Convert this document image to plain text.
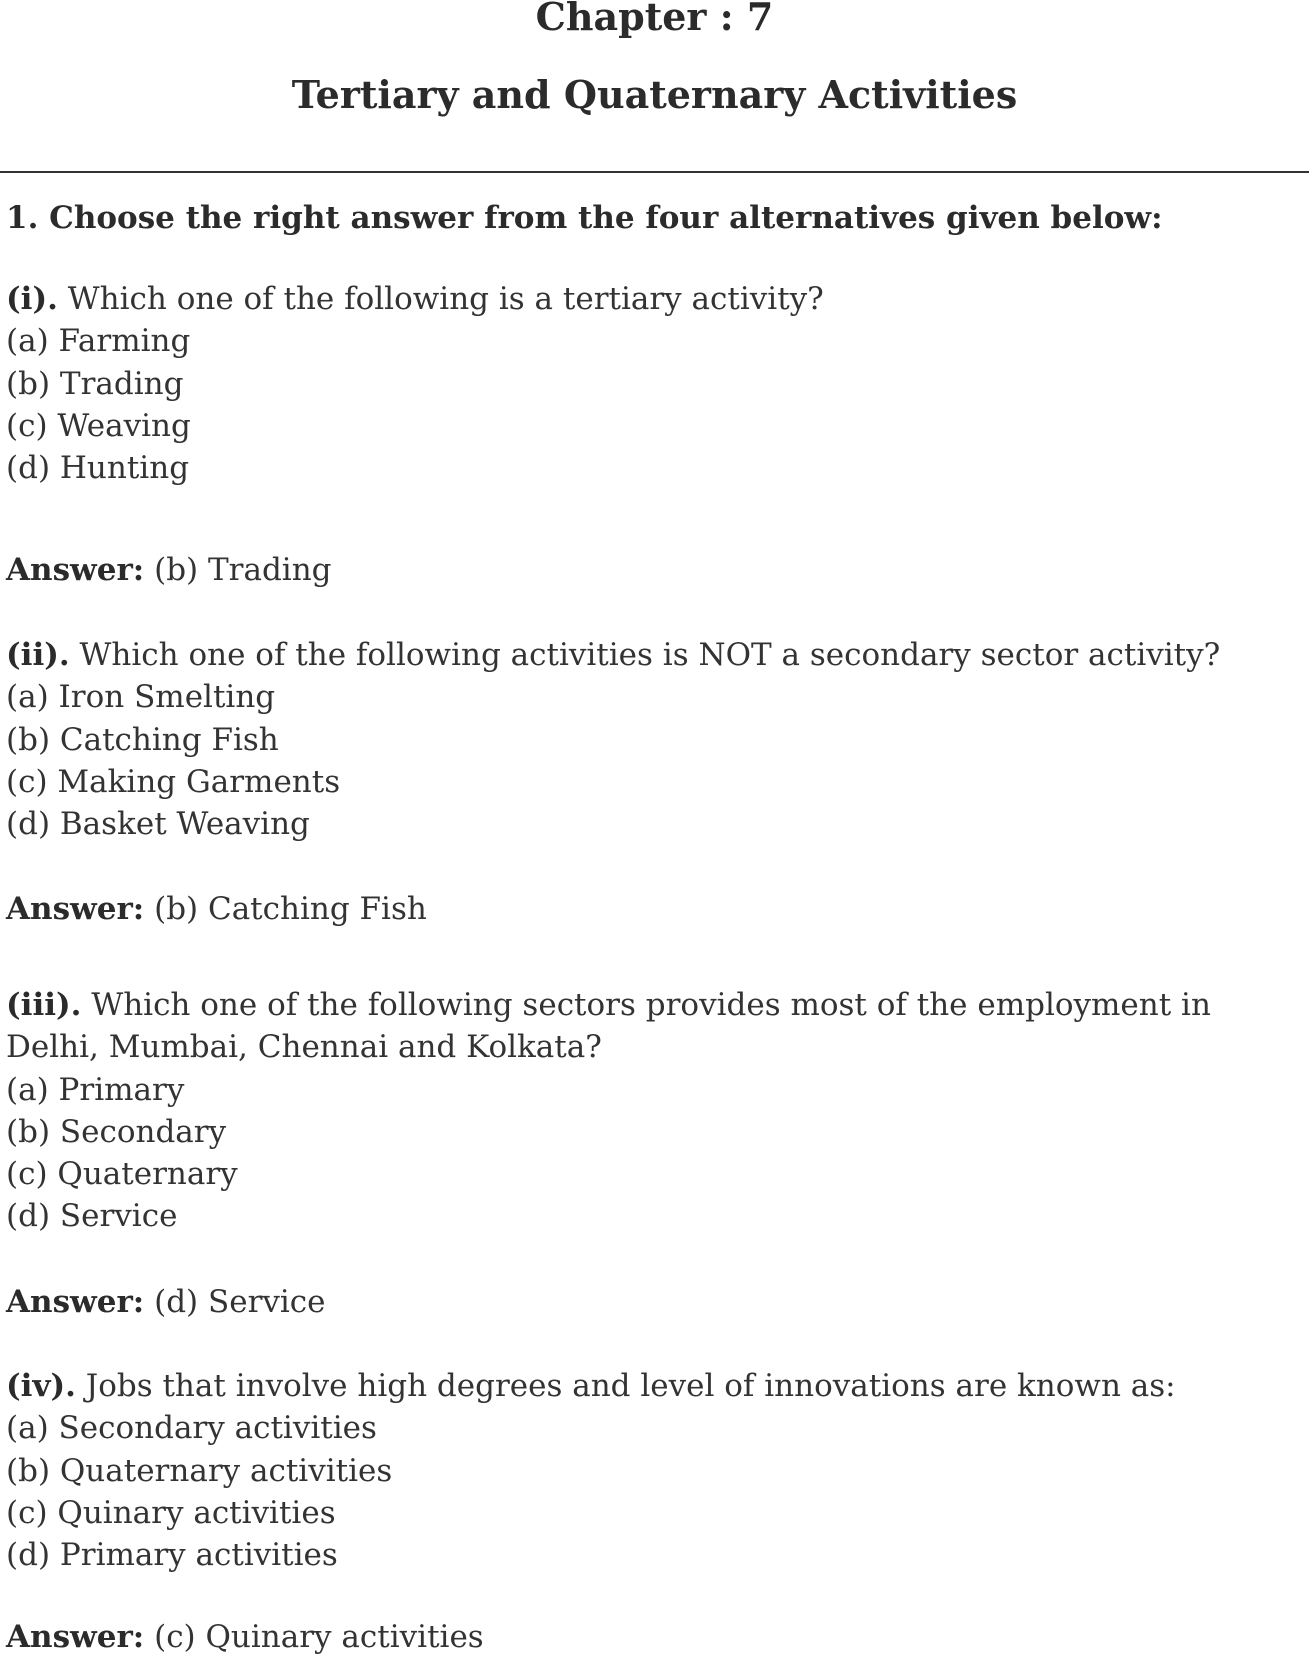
Chapter : 7
Tertiary and Quaternary Activities
1. Choose the right answer from the four alternatives given below:
(i). Which one of the following is a tertiary activity?
(a) Farming
(b) Trading
(c) Weaving
(d) Hunting
Answer: (b) Trading
(ii). Which one of the following activities is NOT a secondary sector activity?
(a) Iron Smelting
(b) Catching Fish
(c) Making Garments
(d) Basket Weaving
Answer: (b) Catching Fish
(iii). Which one of the following sectors provides most of the employment in Delhi, Mumbai, Chennai and Kolkata?
(a) Primary
(b) Secondary
(c) Quaternary
(d) Service
Answer: (d) Service
(iv). Jobs that involve high degrees and level of innovations are known as:
(a) Secondary activities
(b) Quaternary activities
(c) Quinary activities
(d) Primary activities
Answer: (c) Quinary activities
